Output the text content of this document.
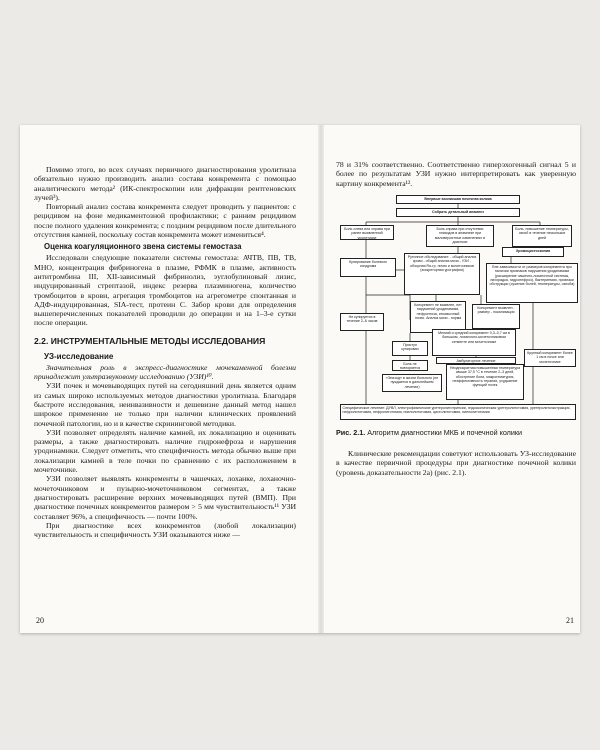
Помимо этого, во всех случаях первичного диагностирования уролитиаза обязательно нужно производить анализ состава конкремента с помощью аналитического метода² (ИК-спектроскопии или дифракции рентгеновских лучей³).

Повторный анализ состава конкремента следует проводить у пациентов: с рецидивом на фоне медикаментозной профилактики; с ранним рецидивом после полного удаления конкремента; с поздним рецидивом после длительного отсутствия камней, поскольку состав конкремента может измениться⁴.

Оценка коагуляционного звена системы гемостаза

Исследовали следующие показатели системы гемостаза: АЧТВ, ПВ, ТВ, МНО, концентрация фибриногена в плазме, РФМК в плазме, активность антитромбина III, XII-зависимый фибринолиз, эуглобулиновый лизис, индуцированный стрептазой, индекс резерва плазминогена, количество тромбоцитов в крови, агрегация тромбоцитов на агрегометре спонтанная и АДФ-индуцированная, SIA-тест, протеин С. Забор крови для определения вышеперечисленных показателей проводили до операции и на 1–3-е сутки после операции.

2.2. ИНСТРУМЕНТАЛЬНЫЕ МЕТОДЫ ИССЛЕДОВАНИЯ
УЗ-исследование

Значительная роль в экспресс-диагностике мочекаменной болезни принадлежит ультразвуковому исследованию (УЗИ)¹⁰.

УЗИ почек и мочевыводящих путей на сегодняшний день является одним из самых широко используемых методов диагностики уролитиаза. Благодаря быстроте исследования, неинвазивности и дешевизне данный метод нашел широкое применение не только при наличии клинических проявлений почечной патологии, но и в качестве скрининговой методики.

УЗИ позволяет определять наличие камней, их локализацию и оценивать размеры, а также диагностировать наличие гидронефроза и нарушения уродинамики. Следует отметить, что специфичность метода обычно выше при локализации камней в теле почки по сравнению с их расположением в мочеточнике.

УЗИ позволяет выявлять конкременты в чашечках, лоханке, лоханочно-мочеточниковом и пузырно-мочеточниковом сегментах, а также диагностировать расширение верхних мочевыводящих путей (ВМП). При диагностике почечных конкрементов размером > 5 мм чувствительность¹¹ УЗИ составляет 96%, а специфичность — почти 100%.

При диагностике всех конкрементов (любой локализации) чувствительность и специфичность УЗИ оказываются ниже —

20

78 и 31% соответственно. Соответственно гиперэхогенный сигнал 5 и более по результатам УЗИ нужно интерпретировать как уверенную картину конкремента¹².

Впервые возникшая почечная колика
Собрать детальный анамнез
Боль слева или справа при ранее выявленной уролитиазе
Боль справа при отсутствии эпизодов в анамнезе при маловероятных изменениях в диагнозе
Боль, повышение температуры, озноб в течение нескольких дней
Хромоцистоскопия
Купирование болевого синдрома
Рутинное обследование: - общий анализ крови - общий анализ мочи - УЗИ - обзорная Rя-гр. почек и мочеточников (экскреторная урография)
Вне зависимости от размеров конкремента при наличии признаков нарушения уродинамики (расширение чашечно-лоханочной системы, лихорадка, гидронефроз), бактериемии, признаки обструкции (сужение болей, температуры, озноба)
Конкремент не выявлен, нет нарушений уродинамики, нефроптоза, иноязычный почек. Анализ мочи - норма
Конкремент выявлен - размер - локализация
Не купируется в течение 2–6 часов
Приступ купирован
Мелкий и средний конкремент 0,3–0,7 см в большом, лоханочно-мочеточниковом сегменте или мочеточнике
Крупный конкремент более 1 см в почке или мочеточнике
Боль не повторяется
Амбулаторное лечение
«Эпизод» в жизни больного (не нуждается в дальнейшем лечении)
Неоднократная повышенная температура свыше 37,5 °C в течение 2–3 дней, обострение боли, макрогематурия, неэффективность терапии, ухудшение функций почек
Специфическое лечение: ДУВЛ, электрофизические уретеролитотрипсии, эндоскопическая уретеролитотомия, уретеролитоэкстракция, нефролитотомия, нефролитотомия, пиелолитотомия, цистолитотомия, пиелолитотомия
Рис. 2.1. Алгоритм диагностики МКБ и почечной колики

Клинические рекомендации советуют использовать УЗ-исследование в качестве первичной процедуры при диагностике почечной колики (уровень доказательности 2a) (рис. 2.1).

21
